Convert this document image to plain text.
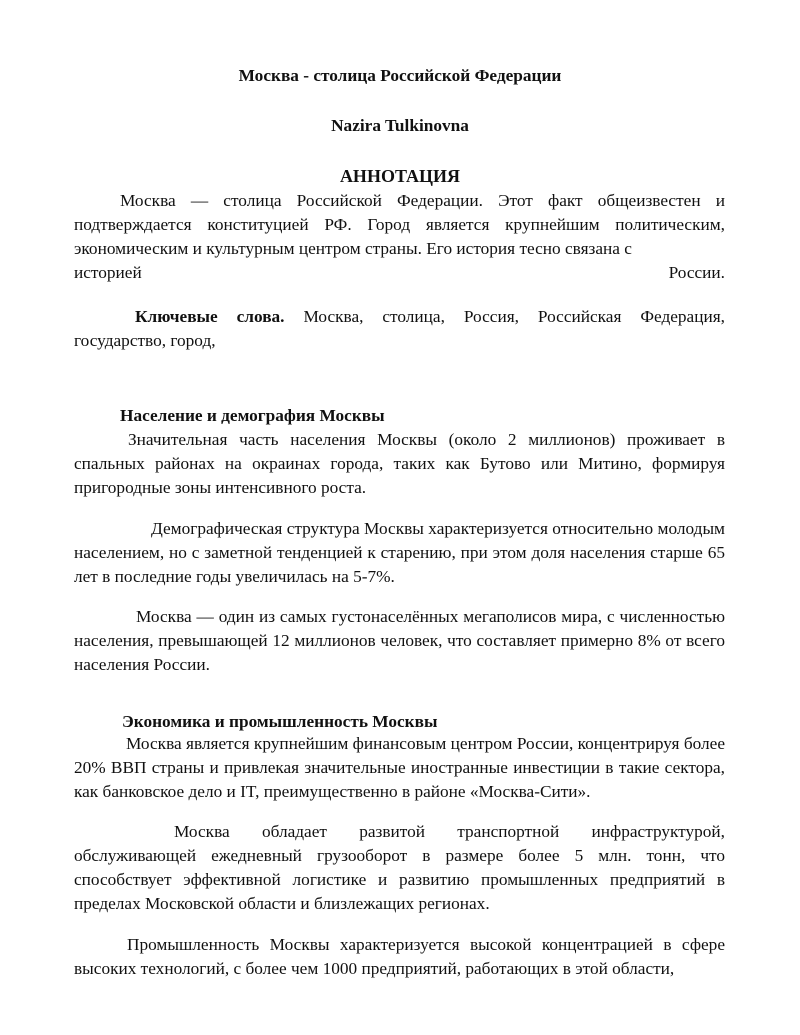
Москва - столица Российской Федерации
Nazira Tulkinovna
АННОТАЦИЯ

Москва — столица Российской Федерации. Этот факт общеизвестен и подтверждается конституцией РФ. Город является крупнейшим политическим, экономическим и культурным центром страны. Его история тесно связана с

историей	России.

Ключевые слова. Москва, столица, Россия, Российская Федерация, государство, город,

Население и демография Москвы

Значительная часть населения Москвы (около 2 миллионов) проживает в спальных районах на окраинах города, таких как Бутово или Митино, формируя пригородные зоны интенсивного роста.

Демографическая структура Москвы характеризуется относительно молодым населением, но с заметной тенденцией к старению, при этом доля населения старше 65 лет в последние годы увеличилась на 5-7%.

Москва — один из самых густонаселённых мегаполисов мира, с численностью населения, превышающей 12 миллионов человек, что составляет примерно 8% от всего населения России.

Экономика и промышленность Москвы

Москва является крупнейшим финансовым центром России, концентрируя более 20% ВВП страны и привлекая значительные иностранные инвестиции в такие сектора, как банковское дело и IT, преимущественно в районе «Москва-Сити».

Москва обладает развитой транспортной инфраструктурой, обслуживающей ежедневный грузооборот в размере более 5 млн. тонн, что способствует эффективной логистике и развитию промышленных предприятий в пределах Московской области и близлежащих регионах.

Промышленность Москвы характеризуется высокой концентрацией в сфере высоких технологий, с более чем 1000 предприятий, работающих в этой области,
